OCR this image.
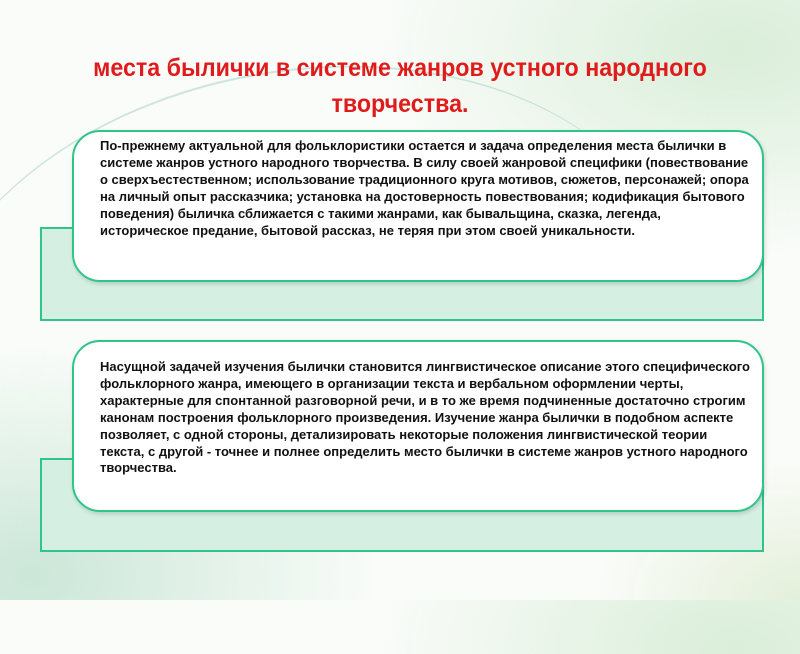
места былички в системе жанров устного народного творчества.

По-прежнему актуальной для фольклористики остается и задача определения места былички в системе жанров устного народного творчества. В силу своей жанровой специфики (повествование о сверхъестественном; использование традиционного круга мотивов, сюжетов, персонажей; опора на личный опыт рассказчика; установка на достоверность повествования; кодификация бытового поведения) быличка сближается с такими жанрами, как бывальщина, сказка, легенда, историческое предание, бытовой рассказ, не теряя при этом своей уникальности.

Насущной задачей изучения былички становится лингвистическое описание этого специфического фольклорного жанра, имеющего в организации текста и вербальном оформлении черты, характерные для спонтанной разговорной речи, и в то же время подчиненные достаточно строгим канонам построения фольклорного произведения. Изучение жанра былички в подобном аспекте позволяет, с одной стороны, детализировать некоторые положения лингвистической теории текста, с другой - точнее и полнее определить место былички в системе жанров устного народного творчества.
